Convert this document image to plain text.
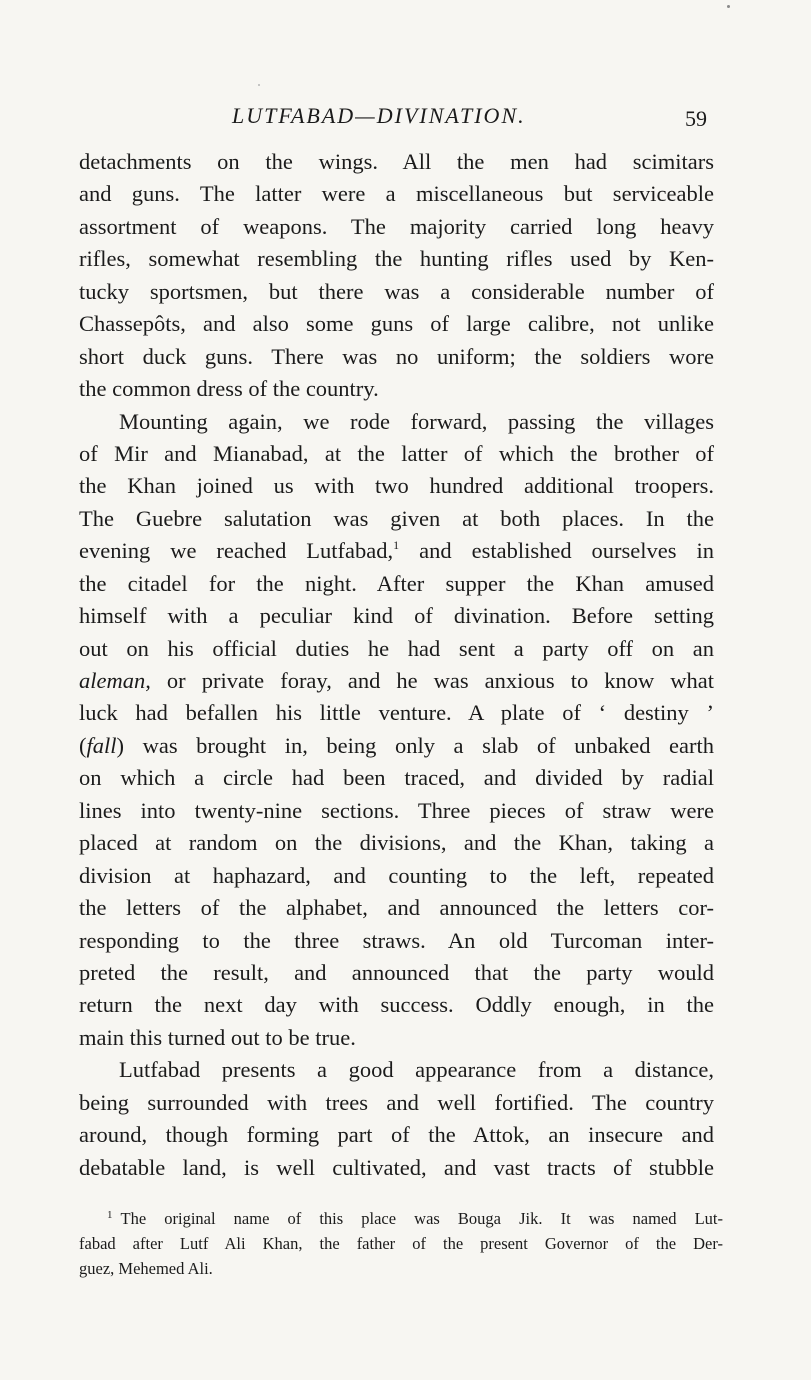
LUTFABAD—DIVINATION.	59
detachments on the wings. All the men had scimitars
and guns. The latter were a miscellaneous but serviceable
assortment of weapons. The majority carried long heavy
rifles, somewhat resembling the hunting rifles used by Ken-
tucky sportsmen, but there was a considerable number of
Chassepôts, and also some guns of large calibre, not unlike
short duck guns. There was no uniform; the soldiers wore
the common dress of the country.
Mounting again, we rode forward, passing the villages
of Mir and Mianabad, at the latter of which the brother of
the Khan joined us with two hundred additional troopers.
The Guebre salutation was given at both places. In the
evening we reached Lutfabad,$^1$ and established ourselves in
the citadel for the night. After supper the Khan amused
himself with a peculiar kind of divination. Before setting
out on his official duties he had sent a party off on an
aleman, or private foray, and he was anxious to know what
luck had befallen his little venture. A plate of ‘ destiny ’
(fall) was brought in, being only a slab of unbaked earth
on which a circle had been traced, and divided by radial
lines into twenty-nine sections. Three pieces of straw were
placed at random on the divisions, and the Khan, taking a
division at haphazard, and counting to the left, repeated
the letters of the alphabet, and announced the letters cor-
responding to the three straws. An old Turcoman inter-
preted the result, and announced that the party would
return the next day with success. Oddly enough, in the
main this turned out to be true.
Lutfabad presents a good appearance from a distance,
being surrounded with trees and well fortified. The country
around, though forming part of the Attok, an insecure and
debatable land, is well cultivated, and vast tracts of stubble
$^1$ The original name of this place was Bouga Jik. It was named Lut-
fabad after Lutf Ali Khan, the father of the present Governor of the Der-
guez, Mehemed Ali.
